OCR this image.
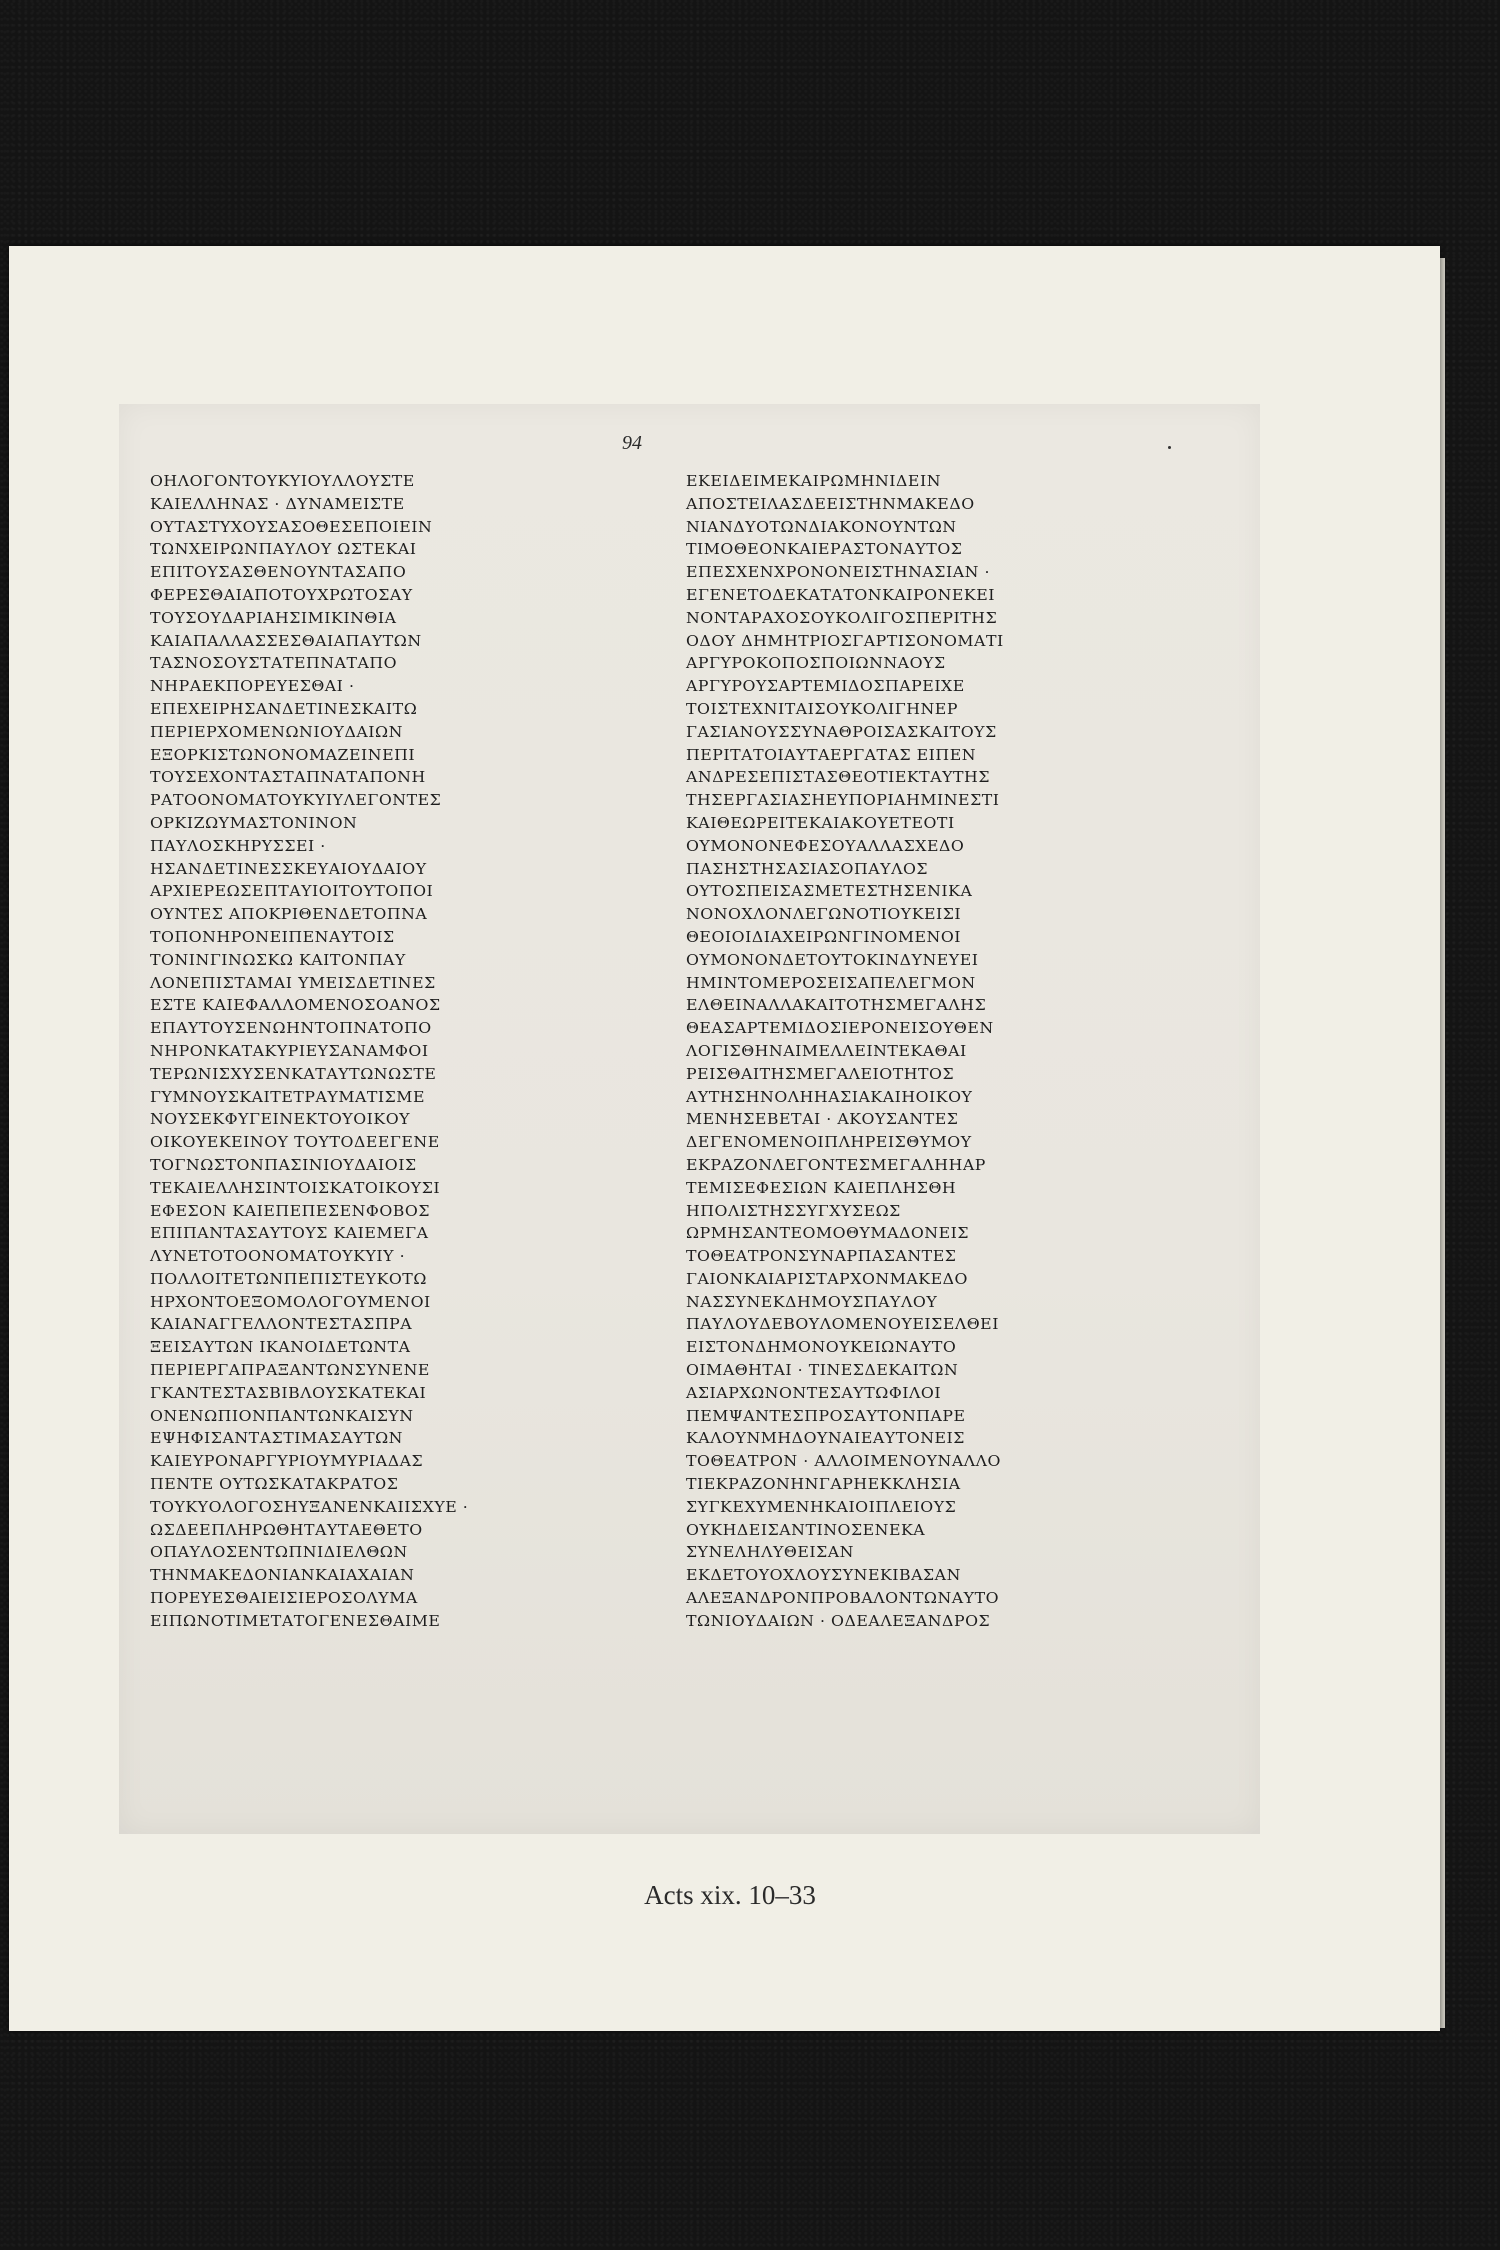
94
ΟΗΛΟΓΟΝΤΟΥΚΥΙΟΥΛΛΟΥΣΤΕ
ΚΑΙΕΛΛΗΝΑΣ · ΔΥΝΑΜΕΙΣΤΕ
ΟΥΤΑΣΤΥΧΟΥΣΑΣΟΘΕΣΕΠΟΙΕΙΝ
ΤΩΝΧΕΙΡΩΝΠΑΥΛΟΥ ΩΣΤΕΚΑΙ
ΕΠΙΤΟΥΣΑΣΘΕΝΟΥΝΤΑΣΑΠΟ
ΦΕΡΕΣΘΑΙΑΠΟΤΟΥΧΡΩΤΟΣΑΥ
ΤΟΥΣΟΥΔΑΡΙΑΗΣΙΜΙΚΙΝΘΙΑ
ΚΑΙΑΠΑΛΛΑΣΣΕΣΘΑΙΑΠΑΥΤΩΝ
ΤΑΣΝΟΣΟΥΣΤΑΤΕΠΝΑΤΑΠΟ
ΝΗΡΑΕΚΠΟΡΕΥΕΣΘΑΙ ·
ΕΠΕΧΕΙΡΗΣΑΝΔΕΤΙΝΕΣΚΑΙΤΩ
ΠΕΡΙΕΡΧΟΜΕΝΩΝΙΟΥΔΑΙΩΝ
ΕΞΟΡΚΙΣΤΩΝΟΝΟΜΑΖΕΙΝΕΠΙ
ΤΟΥΣΕΧΟΝΤΑΣΤΑΠΝΑΤΑΠΟΝΗ
ΡΑΤΟΟΝΟΜΑΤΟΥΚΥΙΥΛΕΓΟΝΤΕΣ
ΟΡΚΙΖΩΥΜΑΣΤΟΝΙΝΟΝ
ΠΑΥΛΟΣΚΗΡΥΣΣΕΙ ·
ΗΣΑΝΔΕΤΙΝΕΣΣΚΕΥΑΙΟΥΔΑΙΟΥ
ΑΡΧΙΕΡΕΩΣΕΠΤΑΥΙΟΙΤΟΥΤΟΠΟΙ
ΟΥΝΤΕΣ ΑΠΟΚΡΙΘΕΝΔΕΤΟΠΝΑ
ΤΟΠΟΝΗΡΟΝΕΙΠΕΝΑΥΤΟΙΣ
ΤΟΝΙΝΓΙΝΩΣΚΩ ΚΑΙΤΟΝΠΑΥ
ΛΟΝΕΠΙΣΤΑΜΑΙ ΥΜΕΙΣΔΕΤΙΝΕΣ
ΕΣΤΕ ΚΑΙΕΦΑΛΛΟΜΕΝΟΣΟΑΝΟΣ
ΕΠΑΥΤΟΥΣΕΝΩΗΝΤΟΠΝΑΤΟΠΟ
ΝΗΡΟΝΚΑΤΑΚΥΡΙΕΥΣΑΝΑΜΦΟΙ
ΤΕΡΩΝΙΣΧΥΣΕΝΚΑΤΑΥΤΩΝΩΣΤΕ
ΓΥΜΝΟΥΣΚΑΙΤΕΤΡΑΥΜΑΤΙΣΜΕ
ΝΟΥΣΕΚΦΥΓΕΙΝΕΚΤΟΥΟΙΚΟΥ
ΟΙΚΟΥΕΚΕΙΝΟΥ ΤΟΥΤΟΔΕΕΓΕΝΕ
ΤΟΓΝΩΣΤΟΝΠΑΣΙΝΙΟΥΔΑΙΟΙΣ
ΤΕΚΑΙΕΛΛΗΣΙΝΤΟΙΣΚΑΤΟΙΚΟΥΣΙ
ΕΦΕΣΟΝ ΚΑΙΕΠΕΠΕΣΕΝΦΟΒΟΣ
ΕΠΙΠΑΝΤΑΣΑΥΤΟΥΣ ΚΑΙΕΜΕΓΑ
ΛΥΝΕΤΟΤΟΟΝΟΜΑΤΟΥΚΥΙΥ ·
ΠΟΛΛΟΙΤΕΤΩΝΠΕΠΙΣΤΕΥΚΟΤΩ
ΗΡΧΟΝΤΟΕΞΟΜΟΛΟΓΟΥΜΕΝΟΙ
ΚΑΙΑΝΑΓΓΕΛΛΟΝΤΕΣΤΑΣΠΡΑ
ΞΕΙΣΑΥΤΩΝ ΙΚΑΝΟΙΔΕΤΩΝΤΑ
ΠΕΡΙΕΡΓΑΠΡΑΞΑΝΤΩΝΣΥΝΕΝΕ
ΓΚΑΝΤΕΣΤΑΣΒΙΒΛΟΥΣΚΑΤΕΚΑΙ
ΟΝΕΝΩΠΙΟΝΠΑΝΤΩΝΚΑΙΣΥΝ
ΕΨΗΦΙΣΑΝΤΑΣΤΙΜΑΣΑΥΤΩΝ
ΚΑΙΕΥΡΟΝΑΡΓΥΡΙΟΥΜΥΡΙΑΔΑΣ
ΠΕΝΤΕ ΟΥΤΩΣΚΑΤΑΚΡΑΤΟΣ
ΤΟΥΚΥΟΛΟΓΟΣΗΥΞΑΝΕΝΚΑΙΙΣΧΥΕ ·
ΩΣΔΕΕΠΛΗΡΩΘΗΤΑΥΤΑΕΘΕΤΟ
ΟΠΑΥΛΟΣΕΝΤΩΠΝΙΔΙΕΛΘΩΝ
ΤΗΝΜΑΚΕΔΟΝΙΑΝΚΑΙΑΧΑΙΑΝ
ΠΟΡΕΥΕΣΘΑΙΕΙΣΙΕΡΟΣΟΛΥΜΑ
ΕΙΠΩΝΟΤΙΜΕΤΑΤΟΓΕΝΕΣΘΑΙΜΕ
ΕΚΕΙΔΕΙΜΕΚΑΙΡΩΜΗΝΙΔΕΙΝ
ΑΠΟΣΤΕΙΛΑΣΔΕΕΙΣΤΗΝΜΑΚΕΔΟ
ΝΙΑΝΔΥΟΤΩΝΔΙΑΚΟΝΟΥΝΤΩΝ
ΤΙΜΟΘΕΟΝΚΑΙΕΡΑΣΤΟΝΑΥΤΟΣ
ΕΠΕΣΧΕΝΧΡΟΝΟΝΕΙΣΤΗΝΑΣΙΑΝ ·
ΕΓΕΝΕΤΟΔΕΚΑΤΑΤΟΝΚΑΙΡΟΝΕΚΕΙ
ΝΟΝΤΑΡΑΧΟΣΟΥΚΟΛΙΓΟΣΠΕΡΙΤΗΣ
ΟΔΟΥ ΔΗΜΗΤΡΙΟΣΓΑΡΤΙΣΟΝΟΜΑΤΙ
ΑΡΓΥΡΟΚΟΠΟΣΠΟΙΩΝΝΑΟΥΣ
ΑΡΓΥΡΟΥΣΑΡΤΕΜΙΔΟΣΠΑΡΕΙΧΕ
ΤΟΙΣΤΕΧΝΙΤΑΙΣΟΥΚΟΛΙΓΗΝΕΡ
ΓΑΣΙΑΝΟΥΣΣΥΝΑΘΡΟΙΣΑΣΚΑΙΤΟΥΣ
ΠΕΡΙΤΑΤΟΙΑΥΤΑΕΡΓΑΤΑΣ ΕΙΠΕΝ
ΑΝΔΡΕΣΕΠΙΣΤΑΣΘΕΟΤΙΕΚΤΑΥΤΗΣ
ΤΗΣΕΡΓΑΣΙΑΣΗΕΥΠΟΡΙΑΗΜΙΝΕΣΤΙ
ΚΑΙΘΕΩΡΕΙΤΕΚΑΙΑΚΟΥΕΤΕΟΤΙ
ΟΥΜΟΝΟΝΕΦΕΣΟΥΑΛΛΑΣΧΕΔΟ
ΠΑΣΗΣΤΗΣΑΣΙΑΣΟΠΑΥΛΟΣ
ΟΥΤΟΣΠΕΙΣΑΣΜΕΤΕΣΤΗΣΕΝΙΚΑ
ΝΟΝΟΧΛΟΝΛΕΓΩΝΟΤΙΟΥΚΕΙΣΙ
ΘΕΟΙΟΙΔΙΑΧΕΙΡΩΝΓΙΝΟΜΕΝΟΙ
ΟΥΜΟΝΟΝΔΕΤΟΥΤΟΚΙΝΔΥΝΕΥΕΙ
ΗΜΙΝΤΟΜΕΡΟΣΕΙΣΑΠΕΛΕΓΜΟΝ
ΕΛΘΕΙΝΑΛΛΑΚΑΙΤΟΤΗΣΜΕΓΑΛΗΣ
ΘΕΑΣΑΡΤΕΜΙΔΟΣΙΕΡΟΝΕΙΣΟΥΘΕΝ
ΛΟΓΙΣΘΗΝΑΙΜΕΛΛΕΙΝΤΕΚΑΘΑΙ
ΡΕΙΣΘΑΙΤΗΣΜΕΓΑΛΕΙΟΤΗΤΟΣ
ΑΥΤΗΣΗΝΟΛΗΗΑΣΙΑΚΑΙΗΟΙΚΟΥ
ΜΕΝΗΣΕΒΕΤΑΙ · ΑΚΟΥΣΑΝΤΕΣ
ΔΕΓΕΝΟΜΕΝΟΙΠΛΗΡΕΙΣΘΥΜΟΥ
ΕΚΡΑΖΟΝΛΕΓΟΝΤΕΣΜΕΓΑΛΗΗΑΡ
ΤΕΜΙΣΕΦΕΣΙΩΝ ΚΑΙΕΠΛΗΣΘΗ
ΗΠΟΛΙΣΤΗΣΣΥΓΧΥΣΕΩΣ
ΩΡΜΗΣΑΝΤΕΟΜΟΘΥΜΑΔΟΝΕΙΣ
ΤΟΘΕΑΤΡΟΝΣΥΝΑΡΠΑΣΑΝΤΕΣ
ΓΑΙΟΝΚΑΙΑΡΙΣΤΑΡΧΟΝΜΑΚΕΔΟ
ΝΑΣΣΥΝΕΚΔΗΜΟΥΣΠΑΥΛΟΥ
ΠΑΥΛΟΥΔΕΒΟΥΛΟΜΕΝΟΥΕΙΣΕΛΘΕΙ
ΕΙΣΤΟΝΔΗΜΟΝΟΥΚΕΙΩΝΑΥΤΟ
ΟΙΜΑΘΗΤΑΙ · ΤΙΝΕΣΔΕΚΑΙΤΩΝ
ΑΣΙΑΡΧΩΝΟΝΤΕΣΑΥΤΩΦΙΛΟΙ
ΠΕΜΨΑΝΤΕΣΠΡΟΣΑΥΤΟΝΠΑΡΕ
ΚΑΛΟΥΝΜΗΔΟΥΝΑΙΕΑΥΤΟΝΕΙΣ
ΤΟΘΕΑΤΡΟΝ · ΑΛΛΟΙΜΕΝΟΥΝΑΛΛΟ
ΤΙΕΚΡΑΖΟΝΗΝΓΑΡΗΕΚΚΛΗΣΙΑ
ΣΥΓΚΕΧΥΜΕΝΗΚΑΙΟΙΠΛΕΙΟΥΣ
ΟΥΚΗΔΕΙΣΑΝΤΙΝΟΣΕΝΕΚΑ
ΣΥΝΕΛΗΛΥΘΕΙΣΑΝ
ΕΚΔΕΤΟΥΟΧΛΟΥΣΥΝΕΚΙΒΑΣΑΝ
ΑΛΕΞΑΝΔΡΟΝΠΡΟΒΑΛΟΝΤΩΝΑΥΤΟ
ΤΩΝΙΟΥΔΑΙΩΝ · ΟΔΕΑΛΕΞΑΝΔΡΟΣ
Acts xix. 10–33
